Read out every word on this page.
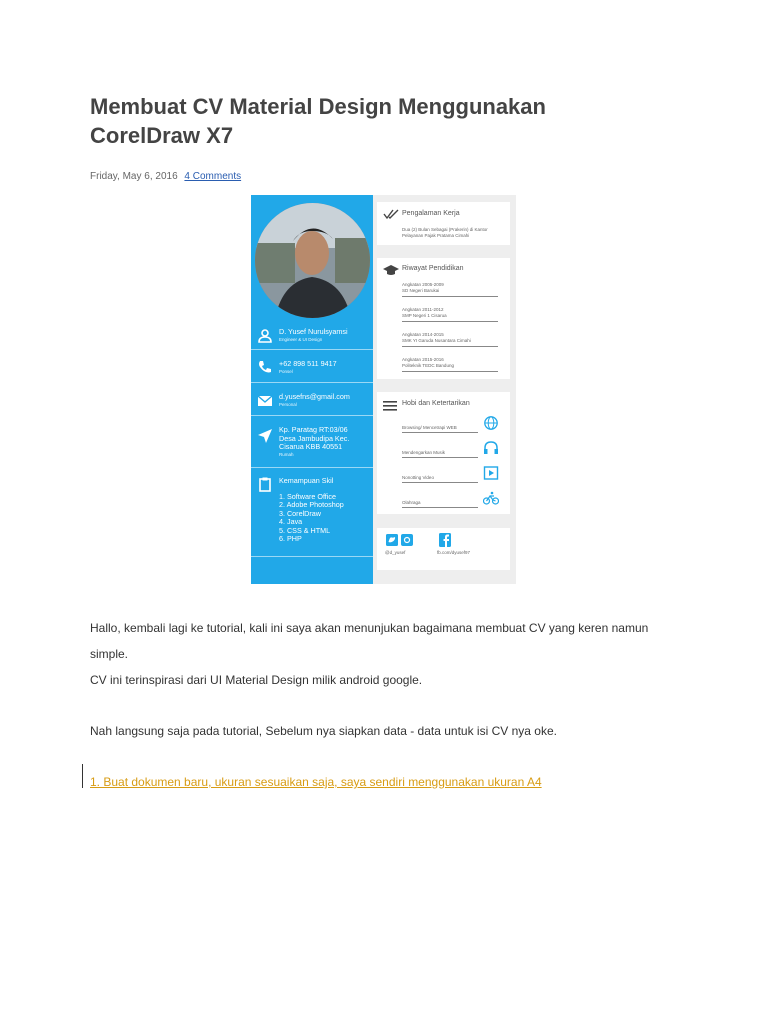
Membuat CV Material Design Menggunakan CorelDraw X7
Friday, May 6, 2016 4 Comments
D. Yusef Nurulsyamsi
Engineer & UI Design
+62 898 511 9417
Ponsel
d.yusefns@gmail.com
Personal
Kp. Paratag RT:03/06
Desa Jambudipa Kec.
Cisarua KBB 40551
Rumah
Kemampuan Skil
1. Software Office
2. Adobe Photoshop
3. CorelDraw
4. Java
5. CSS & HTML
6. PHP
Pengalaman Kerja
Dua (2) Bulan Sebagai (Prakerin) di Kantor
Pelayanan Pajak Pratama Cimahi
Riwayat Pendidikan
Angkatan 2005-2009
SD Negeri Barukai
Angkatan 2011-2012
SMP Negeri 1 Cisarua
Angkatan 2014-2015
SMK YI Garuda Nusantara Cimahi
Angkatan 2015-2016
Politeknik TEDC Bandung
Hobi dan Ketertarikan
Browsing/ Mencetrapi WEB
Mendengarkan Musik
Nonotting Video
Olahraga
@d_yusef	fb.com/dyusef97

Hallo, kembali lagi ke tutorial, kali ini saya akan menunjukan bagaimana membuat CV yang keren namun

simple.

CV ini terinspirasi dari UI Material Design milik android google.

Nah langsung saja pada tutorial, Sebelum nya siapkan data - data untuk isi CV nya oke.

1. Buat dokumen baru, ukuran sesuaikan saja, saya sendiri menggunakan ukuran A4
